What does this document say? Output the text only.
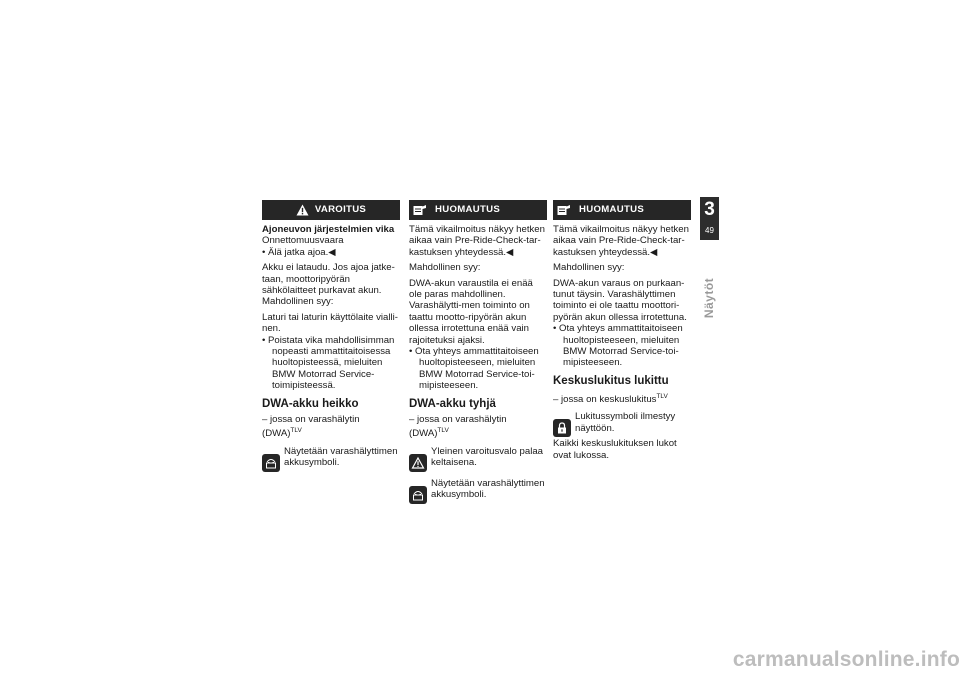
VAROITUS

Ajoneuvon järjestelmien vika

Onnettomuusvaara

• Älä jatka ajoa.◀

Akku ei lataudu. Jos ajoa jatke-taan, moottoripyörän sähkölaitteet purkavat akun.

Mahdollinen syy:

Laturi tai laturin käyttölaite vialli-nen.

• Poistata vika mahdollisimman nopeasti ammattitaitoisessa huoltopisteessä, mieluiten BMW Motorrad Service-toimipisteessä.

DWA-akku heikko

– jossa on varashälytin (DWA)$^{TLV}$

Näytetään varashälyttimen akkusymboli.
HUOMAUTUS

Tämä vikailmoitus näkyy hetken aikaa vain Pre-Ride-Check-tar-kastuksen yhteydessä.◀

Mahdollinen syy:

DWA-akun varaustila ei enää ole paras mahdollinen. Varashälytti-men toiminto on taattu mootto-ripyörän akun ollessa irrotettuna enää vain rajoitetuksi ajaksi.

• Ota yhteys ammattitaitoiseen huoltopisteeseen, mieluiten BMW Motorrad Service-toi-mipisteeseen.

DWA-akku tyhjä

– jossa on varashälytin (DWA)$^{TLV}$

Yleinen varoitusvalo palaa keltaisena.
Näytetään varashälyttimen akkusymboli.
HUOMAUTUS

Tämä vikailmoitus näkyy hetken aikaa vain Pre-Ride-Check-tar-kastuksen yhteydessä.◀

Mahdollinen syy:

DWA-akun varaus on purkaan-tunut täysin. Varashälyttimen toiminto ei ole taattu moottori-pyörän akun ollessa irrotettuna.

• Ota yhteys ammattitaitoiseen huoltopisteeseen, mieluiten BMW Motorrad Service-toi-mipisteeseen.

Keskuslukitus lukittu

– jossa on keskuslukitus$^{TLV}$

Lukitussymboli ilmestyy näyttöön.

Kaikki keskuslukituksen lukot ovat lukossa.

3
49
Näytöt
carmanualsonline.info
